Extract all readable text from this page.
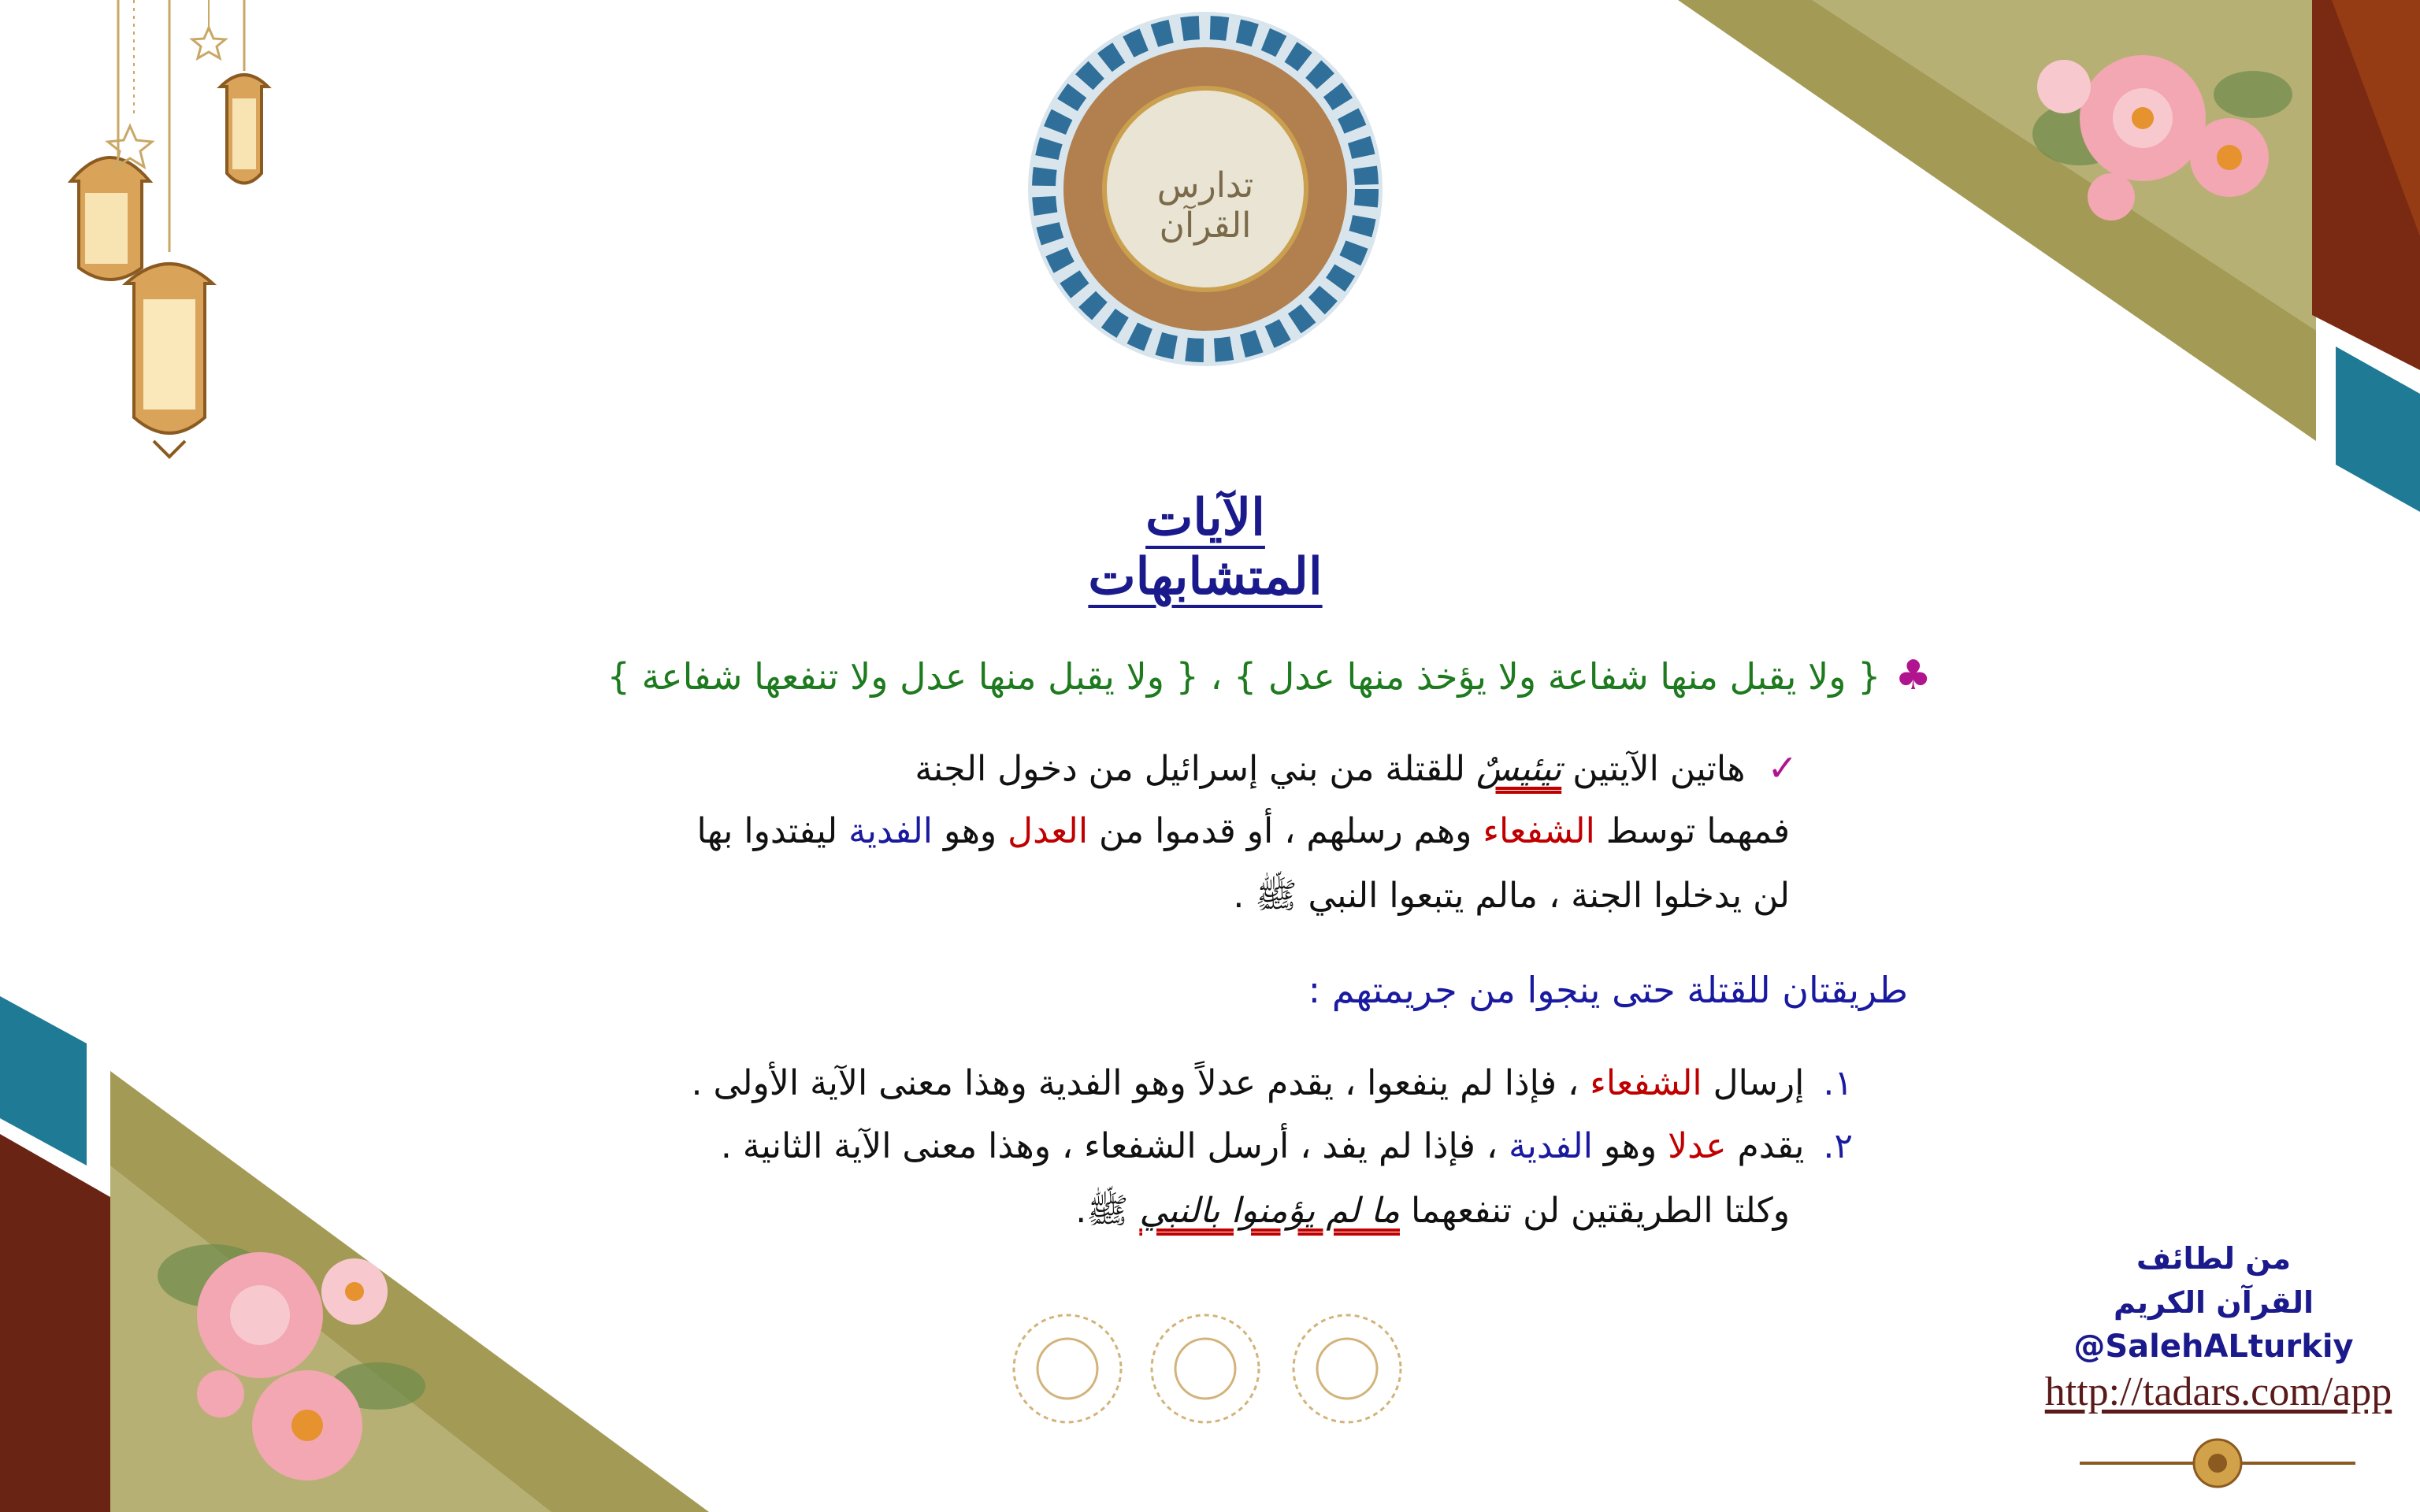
تدارس القرآن
الآيات المتشابهات
♣{ ولا يقبل منها شفاعة ولا يؤخذ منها عدل } ، { ولا يقبل منها عدل ولا تنفعها شفاعة }
✓هاتين الآيتين تيئيسٌ للقتلة من بني إسرائيل من دخول الجنة
فمهما توسط الشفعاء وهم رسلهم ، أو قدموا من العدل وهو الفدية ليفتدوا بها
لن يدخلوا الجنة ، مالم يتبعوا النبي ﷺ .
طريقتان للقتلة حتى ينجوا من جريمتهم :
١.إرسال الشفعاء ، فإذا لم ينفعوا ، يقدم عدلاً وهو الفدية وهذا معنى الآية الأولى .
٢.يقدم عدلا وهو الفدية ، فإذا لم يفد ، أرسل الشفعاء ، وهذا معنى الآية الثانية .
وكلتا الطريقتين لن تنفعهما ما لم يؤمنوا بالنبي ﷺ.
من لطائف
القرآن الكريم
@SalehALturkiy
http://tadars.com/app
